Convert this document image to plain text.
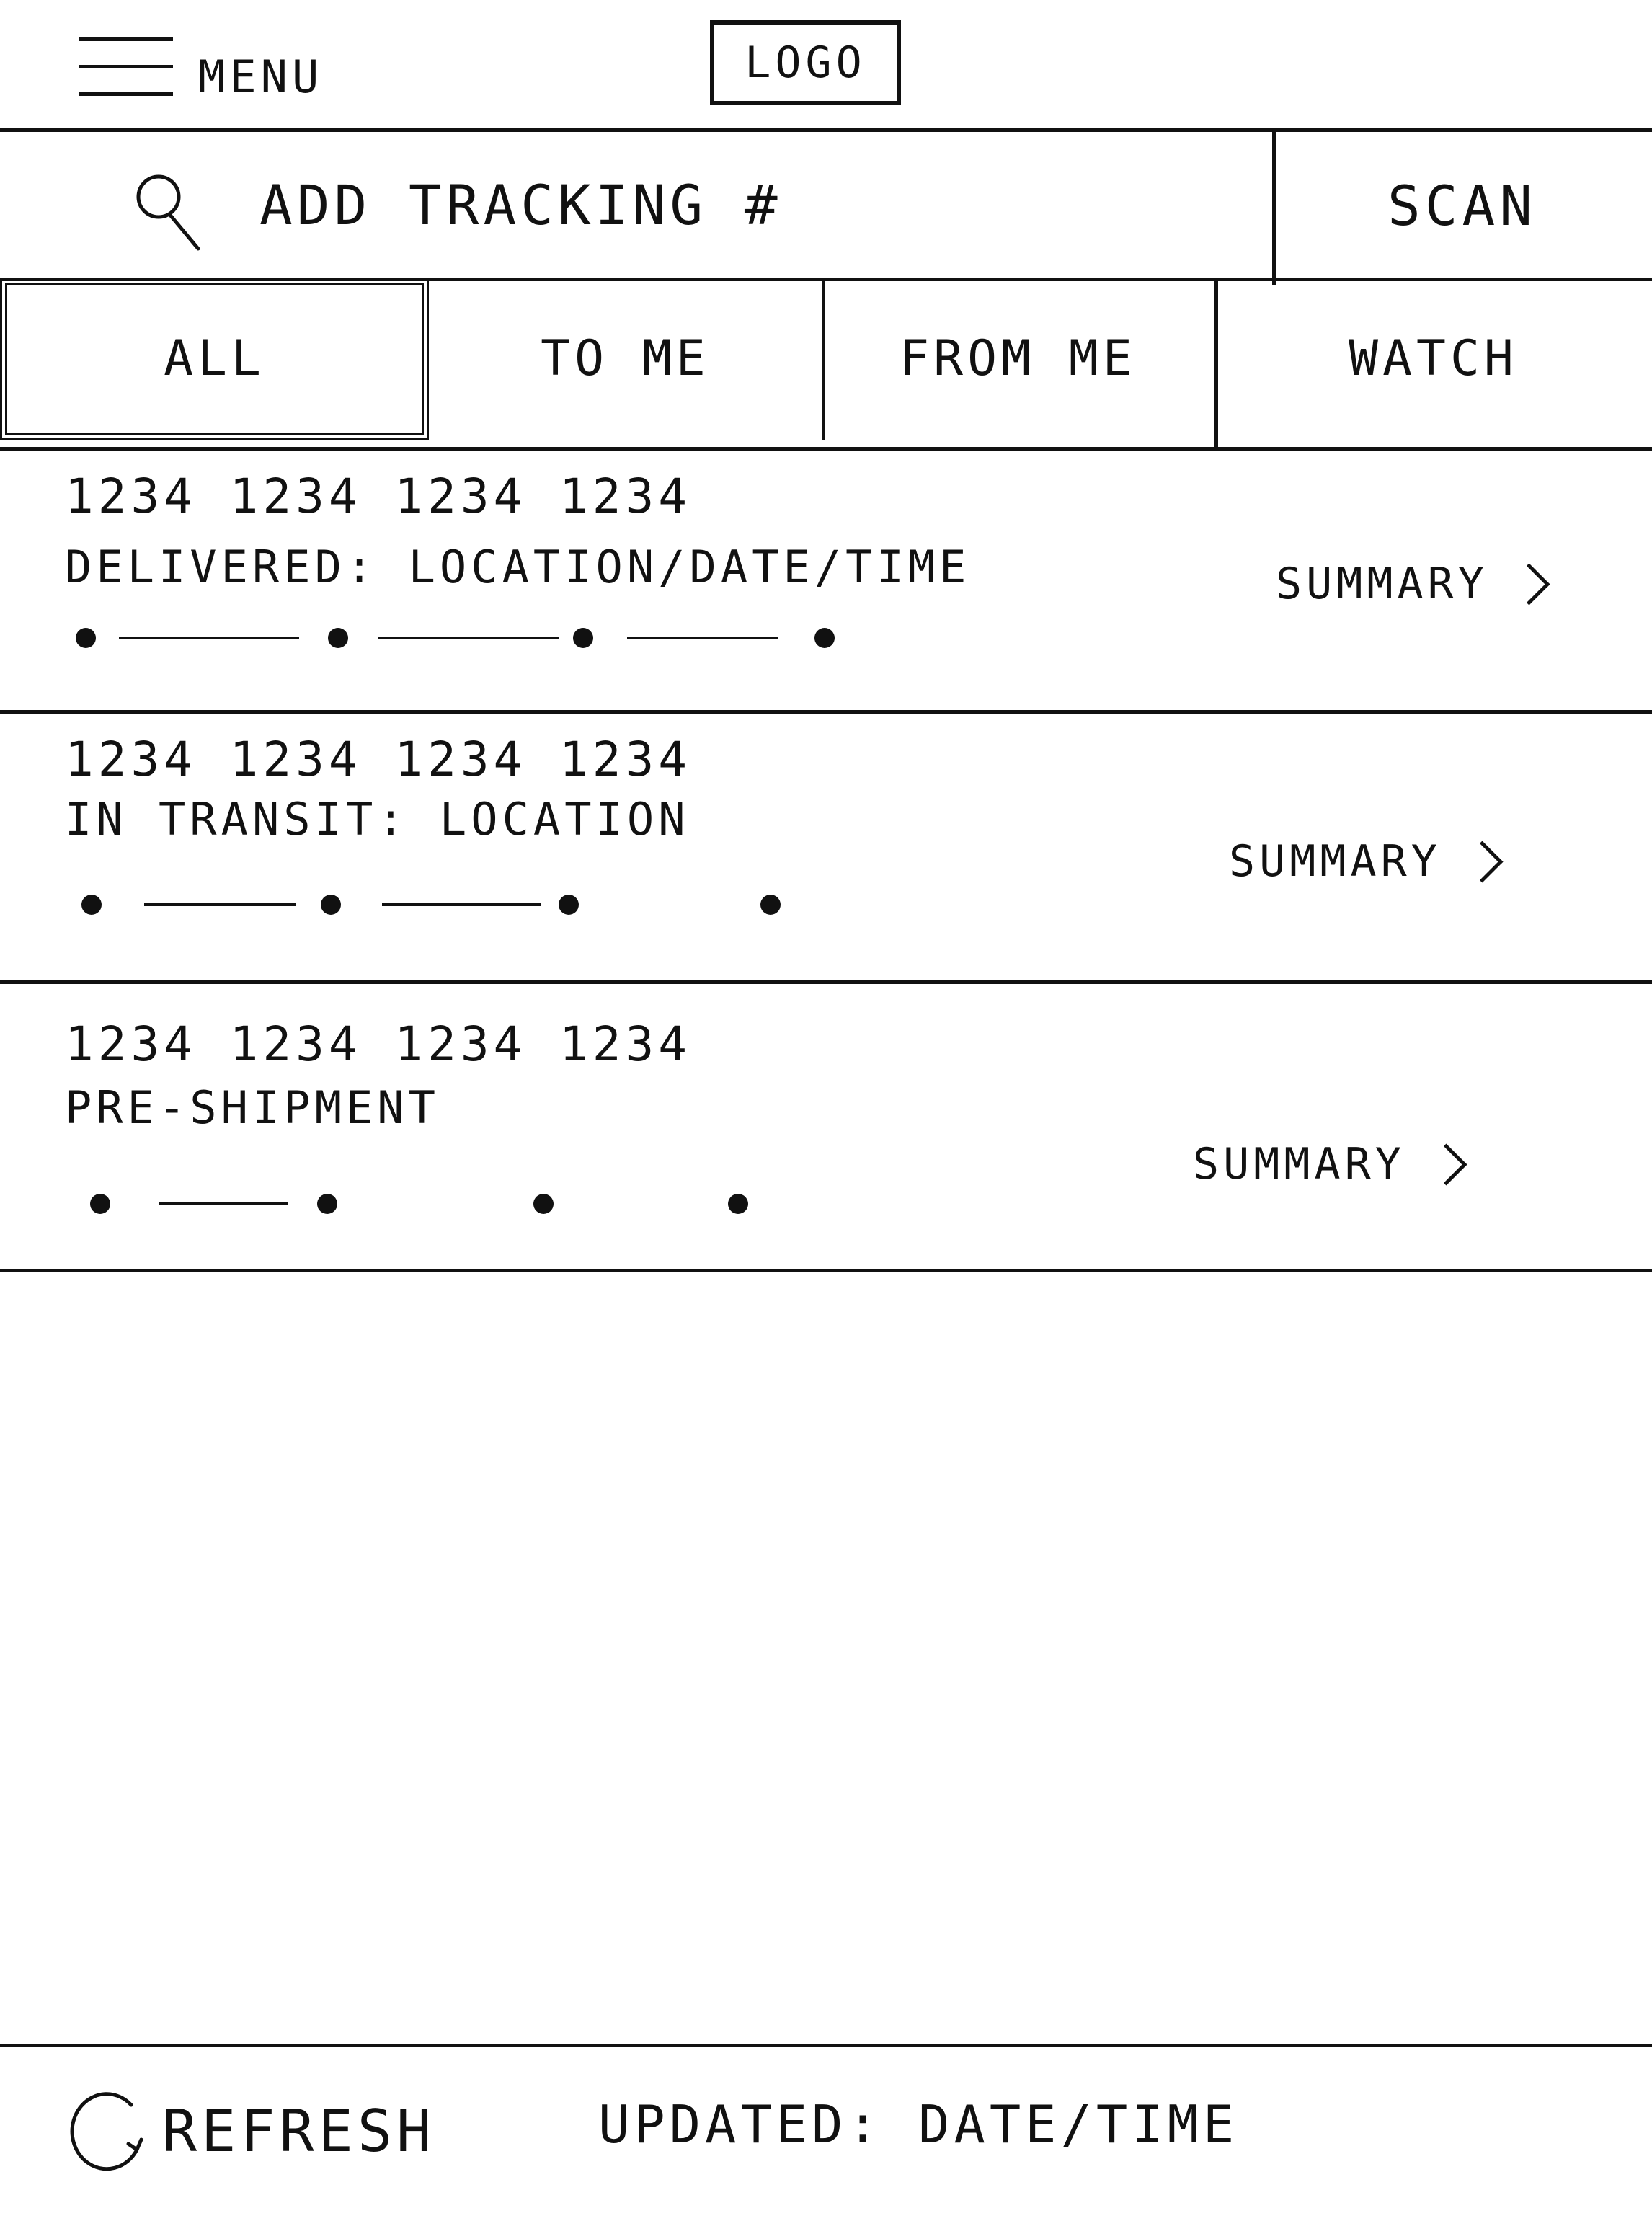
MENU	LOGO
ADD TRACKING #	SCAN
ALL	TO ME	FROM ME	WATCH
1234 1234 1234 1234
DELIVERED: LOCATION/DATE/TIME	SUMMARY
1234 1234 1234 1234
IN TRANSIT: LOCATION
SUMMARY
1234 1234 1234 1234
PRE-SHIPMENT
SUMMARY
REFRESH	UPDATED: DATE/TIME
